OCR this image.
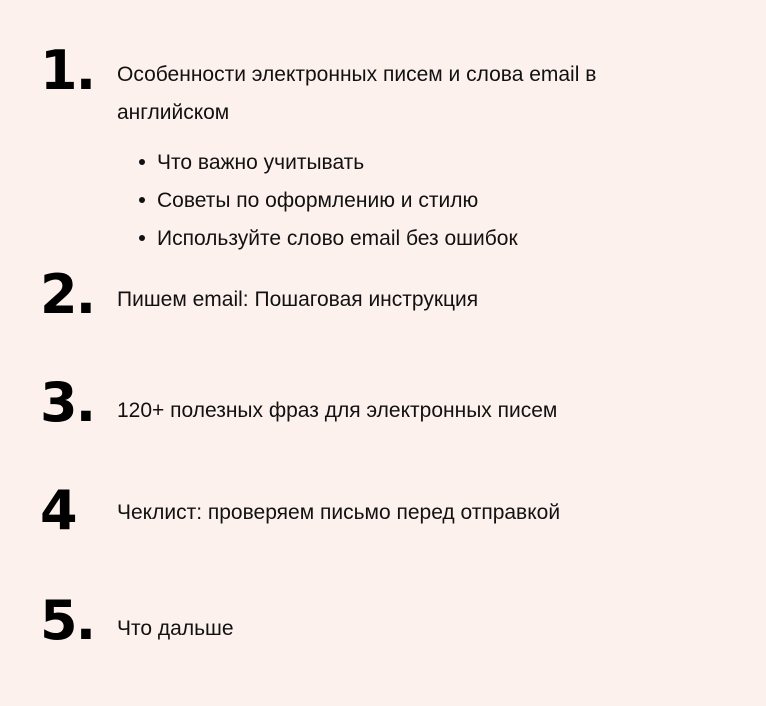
1. Особенности электронных писем и слова email в английском
Что важно учитывать
Советы по оформлению и стилю
Используйте слово email без ошибок
2. Пишем email: Пошаговая инструкция
3. 120+ полезных фраз для электронных писем
4 Чеклист: проверяем письмо перед отправкой
5. Что дальше
